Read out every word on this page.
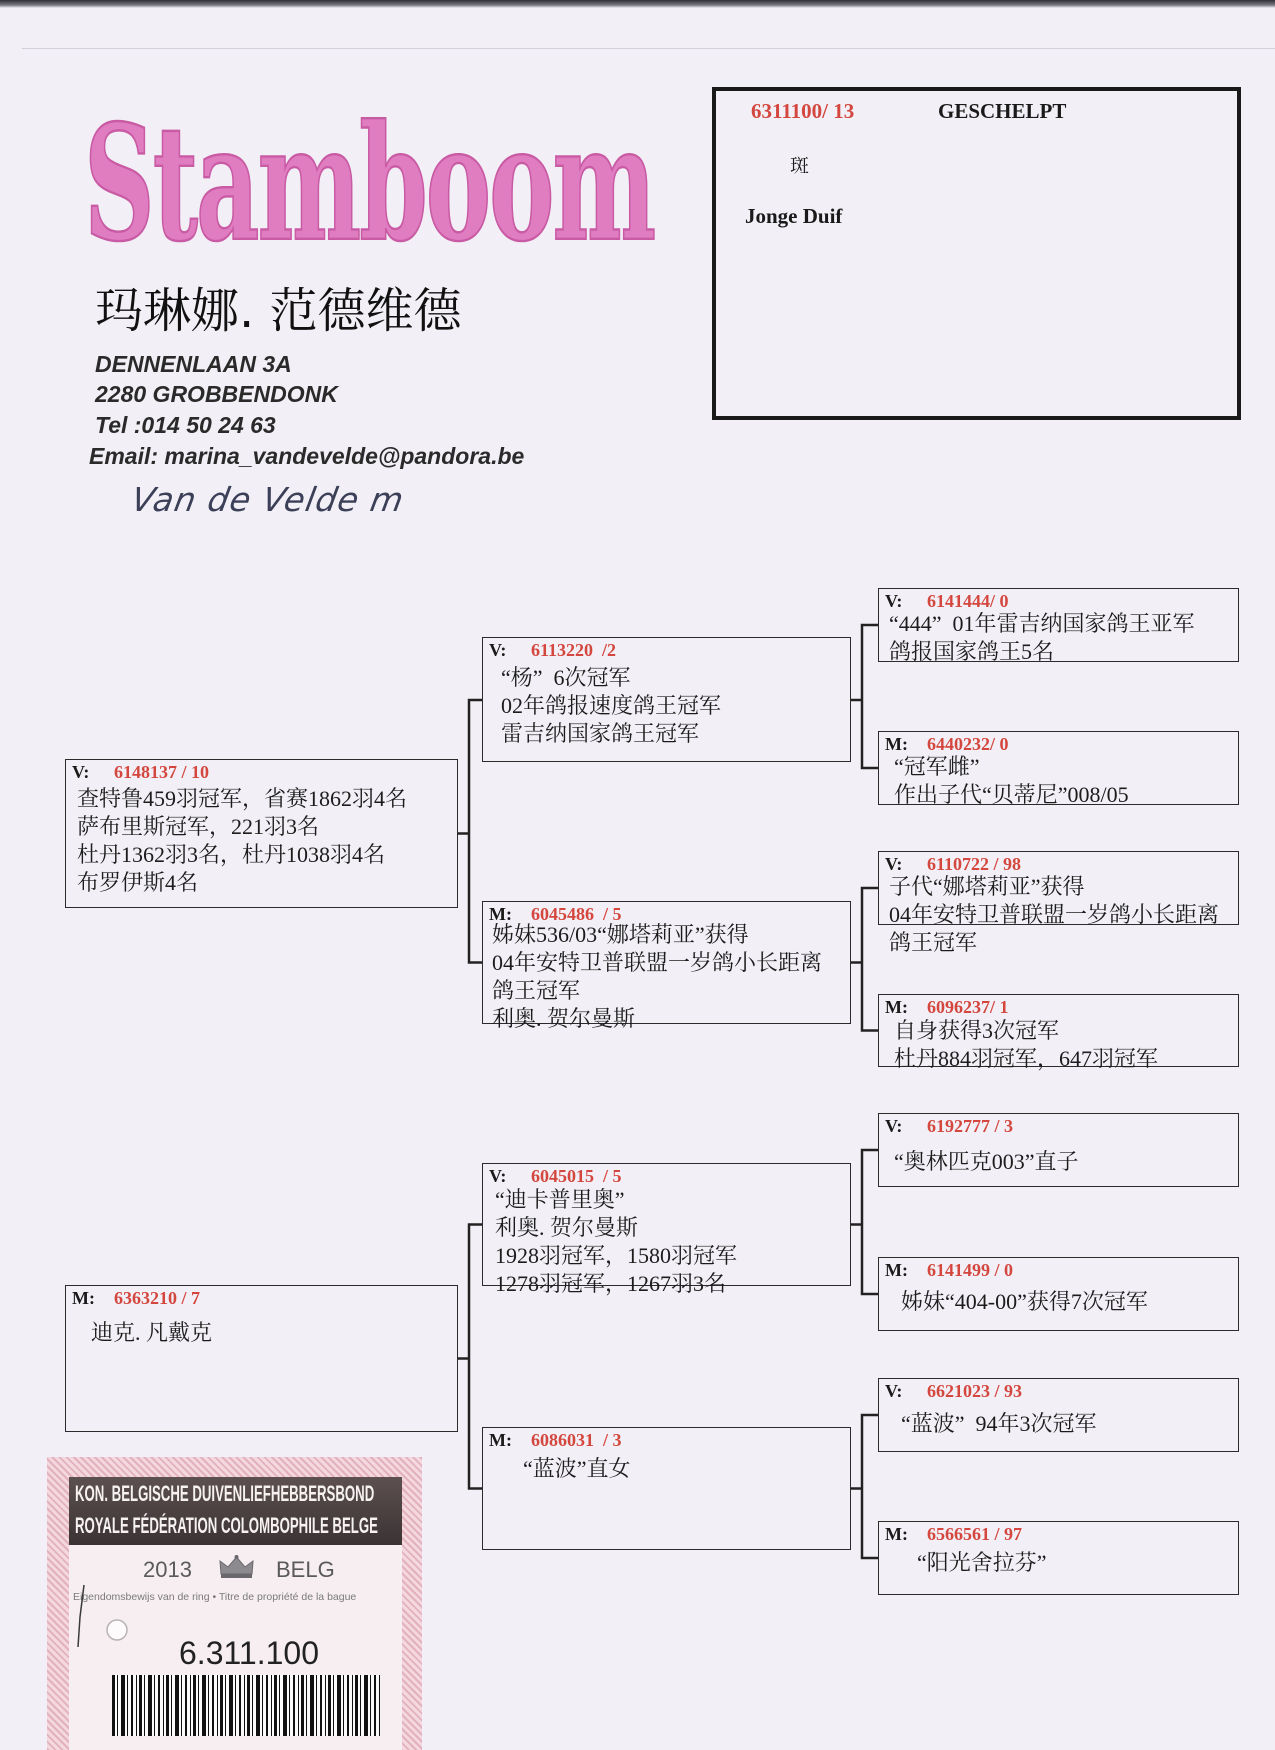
Stamboom
玛琳娜. 范德维德
DENNENLAAN 3A
2280 GROBBENDONK
Tel :014 50 24 63
Email: marina_vandevelde@pandora.be
Van de Velde m
6311100/ 13	GESCHELPT
斑
Jonge Duif
V: 6148137 / 10
查特鲁459羽冠军，省赛1862羽4名
萨布里斯冠军，221羽3名
杜丹1362羽3名，杜丹1038羽4名
布罗伊斯4名
M: 6363210 / 7
迪克. 凡戴克
V: 6113220  /2
“杨”  6次冠军
02年鸽报速度鸽王冠军
雷吉纳国家鸽王冠军
M: 6045486  / 5
姊妹536/03“娜塔莉亚”获得
04年安特卫普联盟一岁鸽小长距离
鸽王冠军
利奥. 贺尔曼斯
V: 6045015  / 5
“迪卡普里奥”
利奥. 贺尔曼斯
1928羽冠军，1580羽冠军
1278羽冠军，1267羽3名
M: 6086031  / 3
“蓝波”直女
V: 6141444/ 0
“444”  01年雷吉纳国家鸽王亚军
鸽报国家鸽王5名
M: 6440232/ 0
“冠军雌”
作出子代“贝蒂尼”008/05
V: 6110722 / 98
子代“娜塔莉亚”获得
04年安特卫普联盟一岁鸽小长距离
鸽王冠军
M: 6096237/ 1
自身获得3次冠军
杜丹884羽冠军，647羽冠军
V: 6192777 / 3
“奥林匹克003”直子
M: 6141499 / 0
姊妹“404-00”获得7次冠军
V: 6621023 / 93
“蓝波”  94年3次冠军
M: 6566561 / 97
“阳光舍拉芬”
KON. BELGISCHE DUIVENLIEFHEBBERSBOND
ROYALE FÉDÉRATION COLOMBOPHILE BELGE
2013	BELG
Eigendomsbewijs van de ring • Titre de propriété de la bague
6.311.100
